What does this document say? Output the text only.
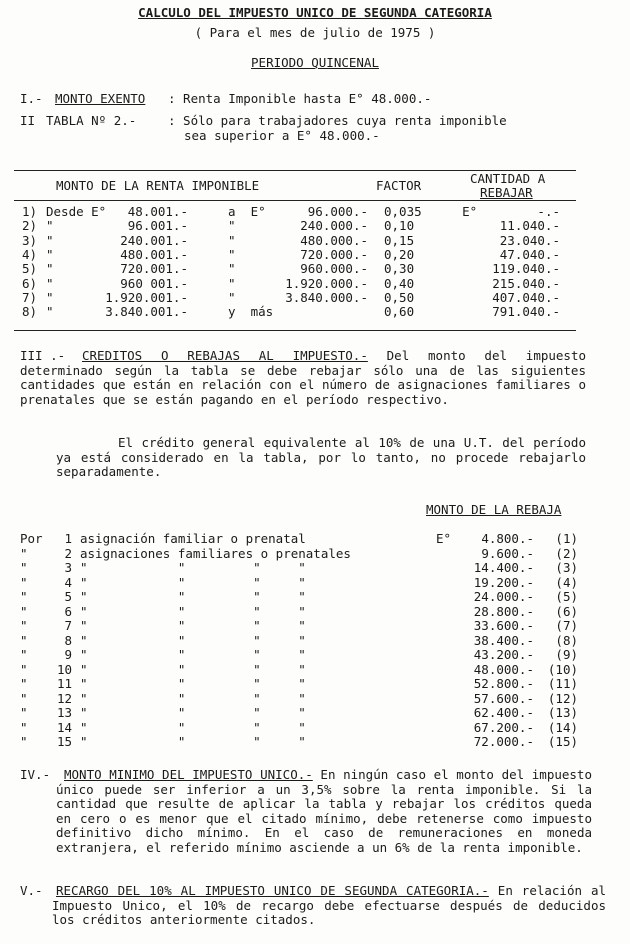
CALCULO DEL IMPUESTO UNICO DE SEGUNDA CATEGORIA
( Para el mes de julio de 1975 )
PERIODO QUINCENAL
I.- MONTO EXENTO : Renta Imponible hasta E° 48.000.-
II TABLA Nº 2.-	: Sólo para trabajadores cuya renta imponible
sea superior a E° 48.000.-
MONTO DE LA RENTA IMPONIBLE	FACTOR	CANTIDAD A
REBAJAR
1) Desde E°	48.001.-	a  E°	96.000.- 0,035	E°        -.-
2) "	96.001.-	"	240.000.- 0,10	11.040.-
3) "	240.001.-	"	480.000.- 0,15	23.040.-
4) "	480.001.-	"	720.000.- 0,20	47.040.-
5) "	720.001.-	"	960.000.- 0,30	119.040.-
6) "	960 001.-	"	1.920.000.- 0,40	215.040.-
7) "	1.920.001.-	"	3.840.000.- 0,50	407.040.-
8) "	3.840.001.-	y  más	0,60	791.040.-
III .-	CREDITOS O REBAJAS AL IMPUESTO.- Del monto del impuesto determinado según la tabla se debe rebajar sólo una de las siguientes cantidades que están en relación con el número de asignaciones familiares o prenatales que se están pagando en el período respectivo.
El crédito general equivalente al 10% de una U.T. del período ya está considerado en la tabla, por lo tanto, no procede rebajarlo separadamente.
MONTO DE LA REBAJA
Por	1 asignación familiar o prenatal	E°	4.800.-	(1)
"	2 asignaciones familiares o prenatales	9.600.-	(2)
"	3 "            "         "     "	14.400.-	(3)
"	4 "            "         "     "	19.200.-	(4)
"	5 "            "         "     "	24.000.-	(5)
"	6 "            "         "     "	28.800.-	(6)
"	7 "            "         "     "	33.600.-	(7)
"	8 "            "         "     "	38.400.-	(8)
"	9 "            "         "     "	43.200.-	(9)
"	10 "            "         "     "	48.000.-	(10)
"	11 "            "         "     "	52.800.-	(11)
"	12 "            "         "     "	57.600.-	(12)
"	13 "            "         "     "	62.400.-	(13)
"	14 "            "         "     "	67.200.-	(14)
"	15 "            "         "     "	72.000.-	(15)
IV.-	MONTO MINIMO DEL IMPUESTO UNICO.- En ningún caso el monto del impuesto único puede ser inferior a un 3,5% sobre la renta imponible. Si la cantidad que resulte de aplicar la tabla y rebajar los créditos queda en cero o es menor que el citado mínimo, debe retenerse como impuesto definitivo dicho mínimo. En el caso de remuneraciones en moneda extranjera, el referido mínimo asciende a un 6% de la renta imponible.
V.-	RECARGO DEL 10% AL IMPUESTO UNICO DE SEGUNDA CATEGORIA.- En relación al Impuesto Unico, el 10% de recargo debe efectuarse después de deducidos los créditos anteriormente citados.
